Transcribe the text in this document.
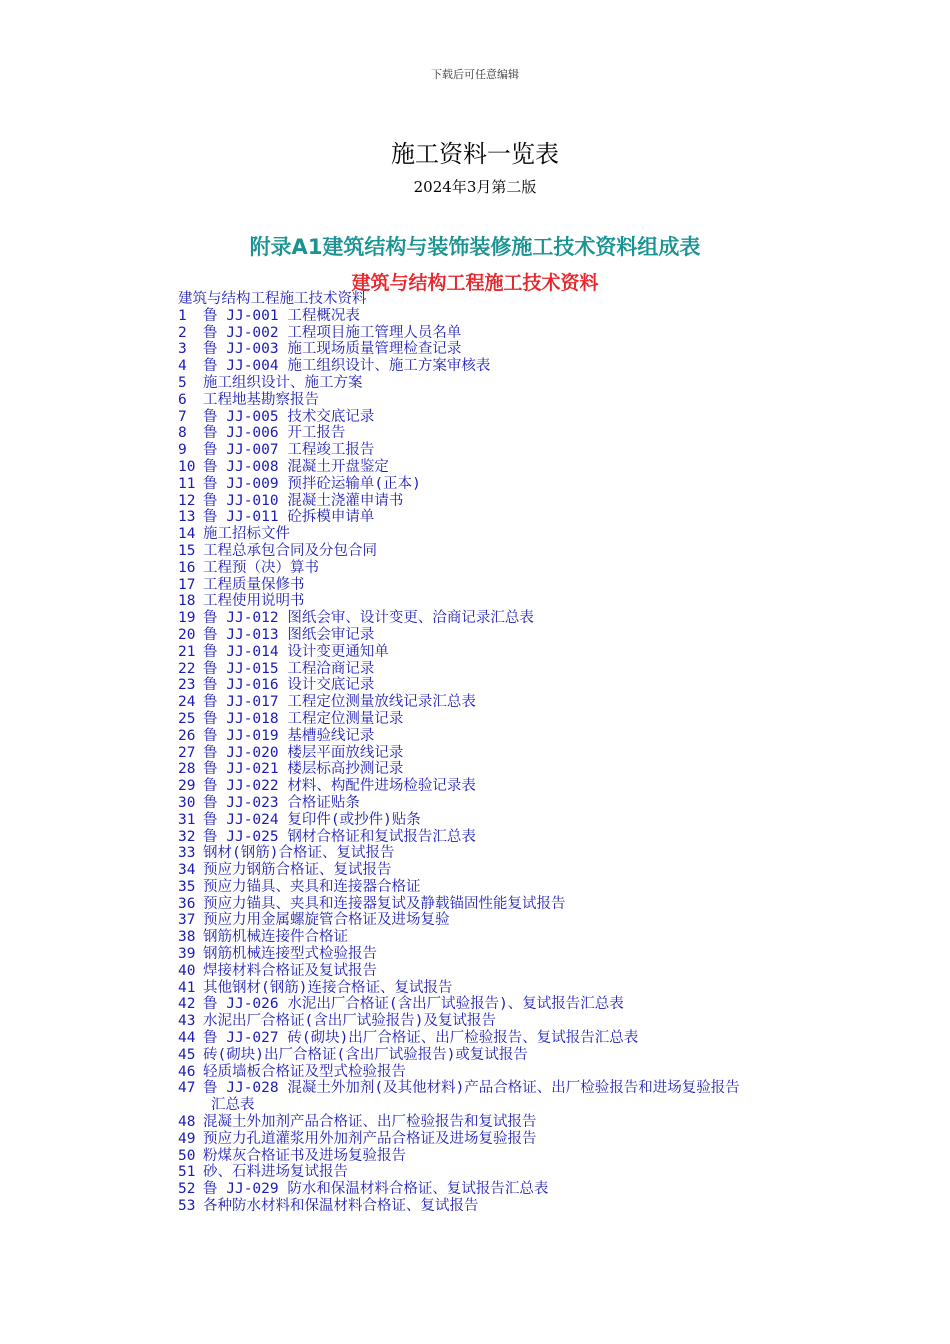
下载后可任意编辑
施工资料一览表
2024年3月第二版
附录A1建筑结构与装饰装修施工技术资料组成表
建筑与结构工程施工技术资料
建筑与结构工程施工技术资料
1	鲁 JJ-001 工程概况表
2	鲁 JJ-002 工程项目施工管理人员名单
3	鲁 JJ-003 施工现场质量管理检查记录
4	鲁 JJ-004 施工组织设计、施工方案审核表
5	施工组织设计、施工方案
6	工程地基勘察报告
7	鲁 JJ-005 技术交底记录
8	鲁 JJ-006 开工报告
9	鲁 JJ-007 工程竣工报告
10 鲁 JJ-008 混凝土开盘鉴定
11 鲁 JJ-009 预拌砼运输单(正本)
12 鲁 JJ-010 混凝土浇灌申请书
13 鲁 JJ-011 砼拆模申请单
14 施工招标文件
15 工程总承包合同及分包合同
16 工程预（决）算书
17 工程质量保修书
18 工程使用说明书
19 鲁 JJ-012 图纸会审、设计变更、洽商记录汇总表
20 鲁 JJ-013 图纸会审记录
21 鲁 JJ-014 设计变更通知单
22 鲁 JJ-015 工程洽商记录
23 鲁 JJ-016 设计交底记录
24 鲁 JJ-017 工程定位测量放线记录汇总表
25 鲁 JJ-018 工程定位测量记录
26 鲁 JJ-019 基槽验线记录
27 鲁 JJ-020 楼层平面放线记录
28 鲁 JJ-021 楼层标高抄测记录
29 鲁 JJ-022 材料、构配件进场检验记录表
30 鲁 JJ-023 合格证贴条
31 鲁 JJ-024 复印件(或抄件)贴条
32 鲁 JJ-025 钢材合格证和复试报告汇总表
33 钢材(钢筋)合格证、复试报告
34 预应力钢筋合格证、复试报告
35 预应力锚具、夹具和连接器合格证
36 预应力锚具、夹具和连接器复试及静载锚固性能复试报告
37 预应力用金属螺旋管合格证及进场复验
38 钢筋机械连接件合格证
39 钢筋机械连接型式检验报告
40 焊接材料合格证及复试报告
41 其他钢材(钢筋)连接合格证、复试报告
42 鲁 JJ-026 水泥出厂合格证(含出厂试验报告)、复试报告汇总表
43 水泥出厂合格证(含出厂试验报告)及复试报告
44 鲁 JJ-027 砖(砌块)出厂合格证、出厂检验报告、复试报告汇总表
45 砖(砌块)出厂合格证(含出厂试验报告)或复试报告
46 轻质墙板合格证及型式检验报告
47 鲁 JJ-028 混凝土外加剂(及其他材料)产品合格证、出厂检验报告和进场复验报告
汇总表
48 混凝土外加剂产品合格证、出厂检验报告和复试报告
49 预应力孔道灌浆用外加剂产品合格证及进场复验报告
50 粉煤灰合格证书及进场复验报告
51 砂、石料进场复试报告
52 鲁 JJ-029 防水和保温材料合格证、复试报告汇总表
53 各种防水材料和保温材料合格证、复试报告
